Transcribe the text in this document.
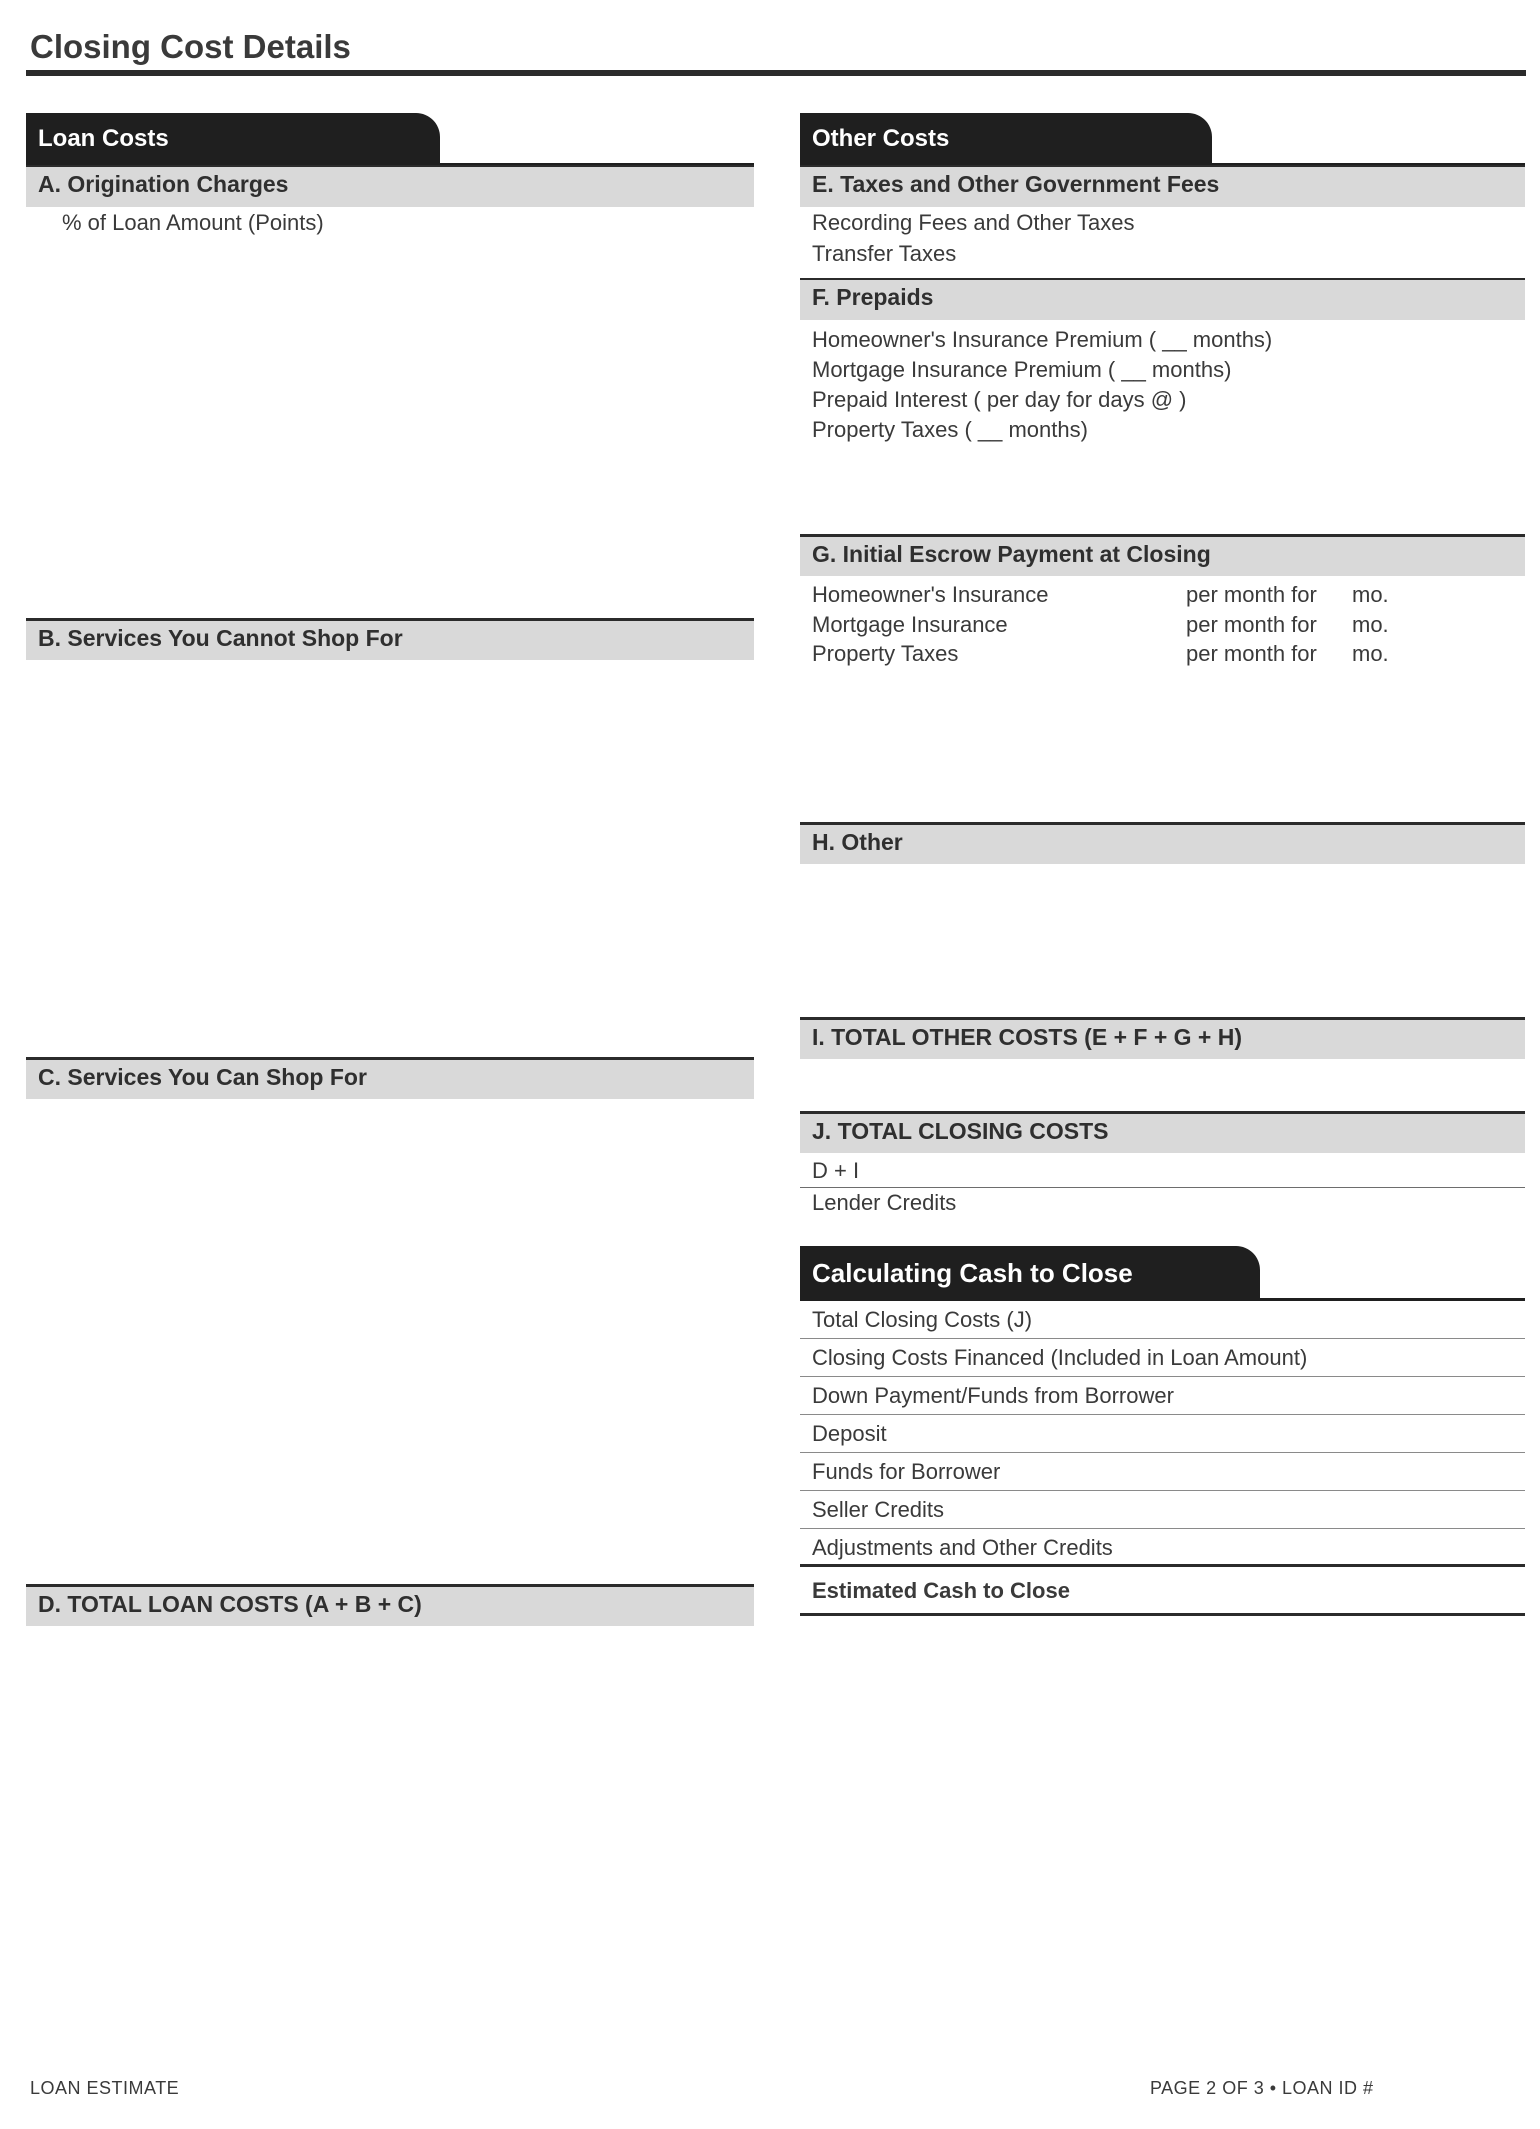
Closing Cost Details
Loan Costs
A. Origination Charges
% of Loan Amount (Points)
B. Services You Cannot Shop For
C. Services You Can Shop For
D. TOTAL LOAN COSTS (A + B + C)
Other Costs
E. Taxes and Other Government Fees
Recording Fees and Other Taxes
Transfer Taxes
F. Prepaids
Homeowner's Insurance Premium ( __ months)
Mortgage Insurance Premium ( __ months)
Prepaid Interest ( per day for days @ )
Property Taxes ( __ months)
G. Initial Escrow Payment at Closing
Homeowner's Insurance	per month for mo.
Mortgage Insurance	per month for mo.
Property Taxes	per month for mo.
H. Other
I. TOTAL OTHER COSTS (E + F + G + H)
J. TOTAL CLOSING COSTS
D + I
Lender Credits
Calculating Cash to Close
Total Closing Costs (J)
Closing Costs Financed (Included in Loan Amount)
Down Payment/Funds from Borrower
Deposit
Funds for Borrower
Seller Credits
Adjustments and Other Credits
Estimated Cash to Close
LOAN ESTIMATE	PAGE 2 OF 3 • LOAN ID #
